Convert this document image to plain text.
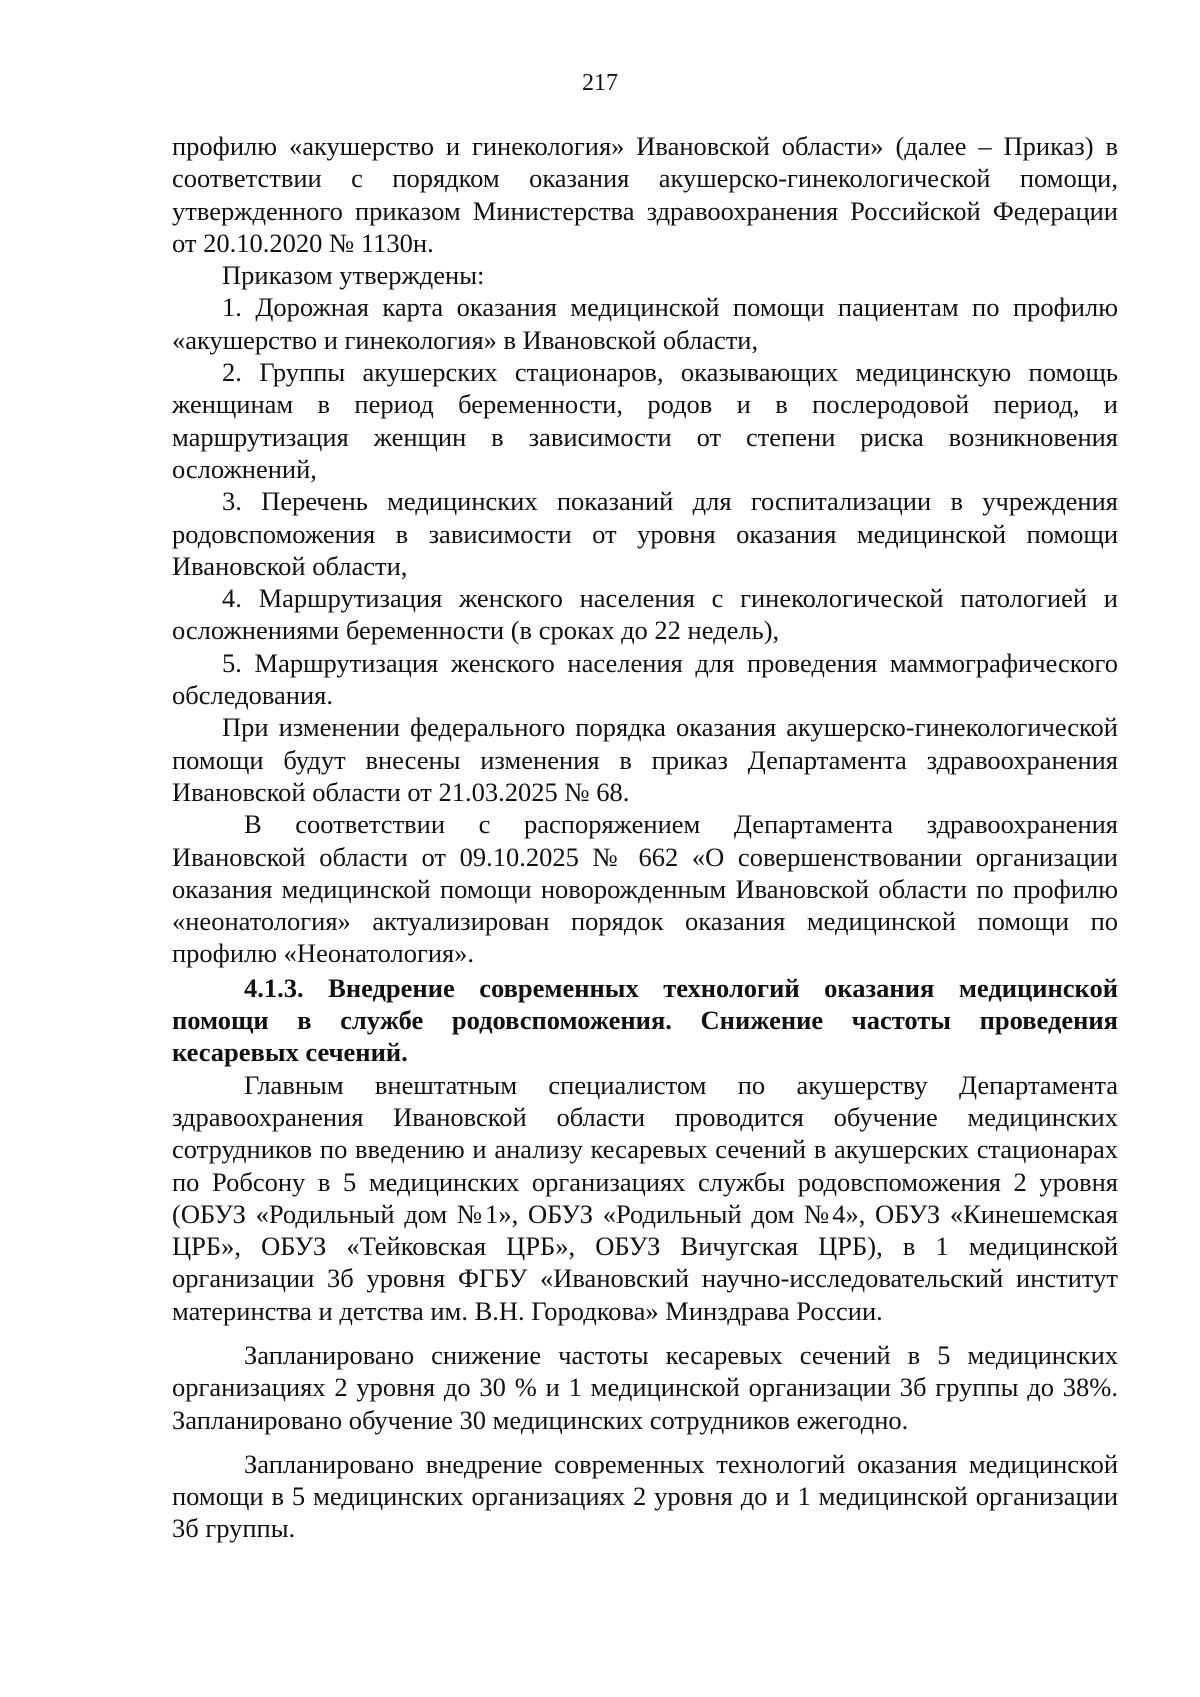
217

профилю «акушерство и гинекология» Ивановской области» (далее – Приказ) в соответствии с порядком оказания акушерско-гинекологической помощи, утвержденного приказом Министерства здравоохранения Российской Федерации от 20.10.2020 № 1130н.

Приказом утверждены:

1. Дорожная карта оказания медицинской помощи пациентам по профилю «акушерство и гинекология» в Ивановской области,

2. Группы акушерских стационаров, оказывающих медицинскую помощь женщинам в период беременности, родов и в послеродовой период, и маршрутизация женщин в зависимости от степени риска возникновения осложнений,

3. Перечень медицинских показаний для госпитализации в учреждения родовспоможения в зависимости от уровня оказания медицинской помощи Ивановской области,

4. Маршрутизация женского населения с гинекологической патологией и осложнениями беременности (в сроках до 22 недель),

5. Маршрутизация женского населения для проведения маммографического обследования.

При изменении федерального порядка оказания акушерско-гинекологической помощи будут внесены изменения в приказ Департамента здравоохранения Ивановской области от 21.03.2025 № 68.

В соответствии с распоряжением Департамента здравоохранения Ивановской области от 09.10.2025 № 662 «О совершенствовании организации оказания медицинской помощи новорожденным Ивановской области по профилю «неонатология» актуализирован порядок оказания медицинской помощи по профилю «Неонатология».

4.1.3. Внедрение современных технологий оказания медицинской помощи в службе родовспоможения. Снижение частоты проведения кесаревых сечений.

Главным внештатным специалистом по акушерству Департамента здравоохранения Ивановской области проводится обучение медицинских сотрудников по введению и анализу кесаревых сечений в акушерских стационарах по Робсону в 5 медицинских организациях службы родовспоможения 2 уровня (ОБУЗ «Родильный дом №1», ОБУЗ «Родильный дом №4», ОБУЗ «Кинешемская ЦРБ», ОБУЗ «Тейковская ЦРБ», ОБУЗ Вичугская ЦРБ), в 1 медицинской организации 3б уровня ФГБУ «Ивановский научно-исследовательский институт материнства и детства им. В.Н. Городкова» Минздрава России.

Запланировано снижение частоты кесаревых сечений в 5 медицинских организациях 2 уровня до 30 % и 1 медицинской организации 3б группы до 38%. Запланировано обучение 30 медицинских сотрудников ежегодно.

Запланировано внедрение современных технологий оказания медицинской помощи в 5 медицинских организациях 2 уровня до и 1 медицинской организации 3б группы.
